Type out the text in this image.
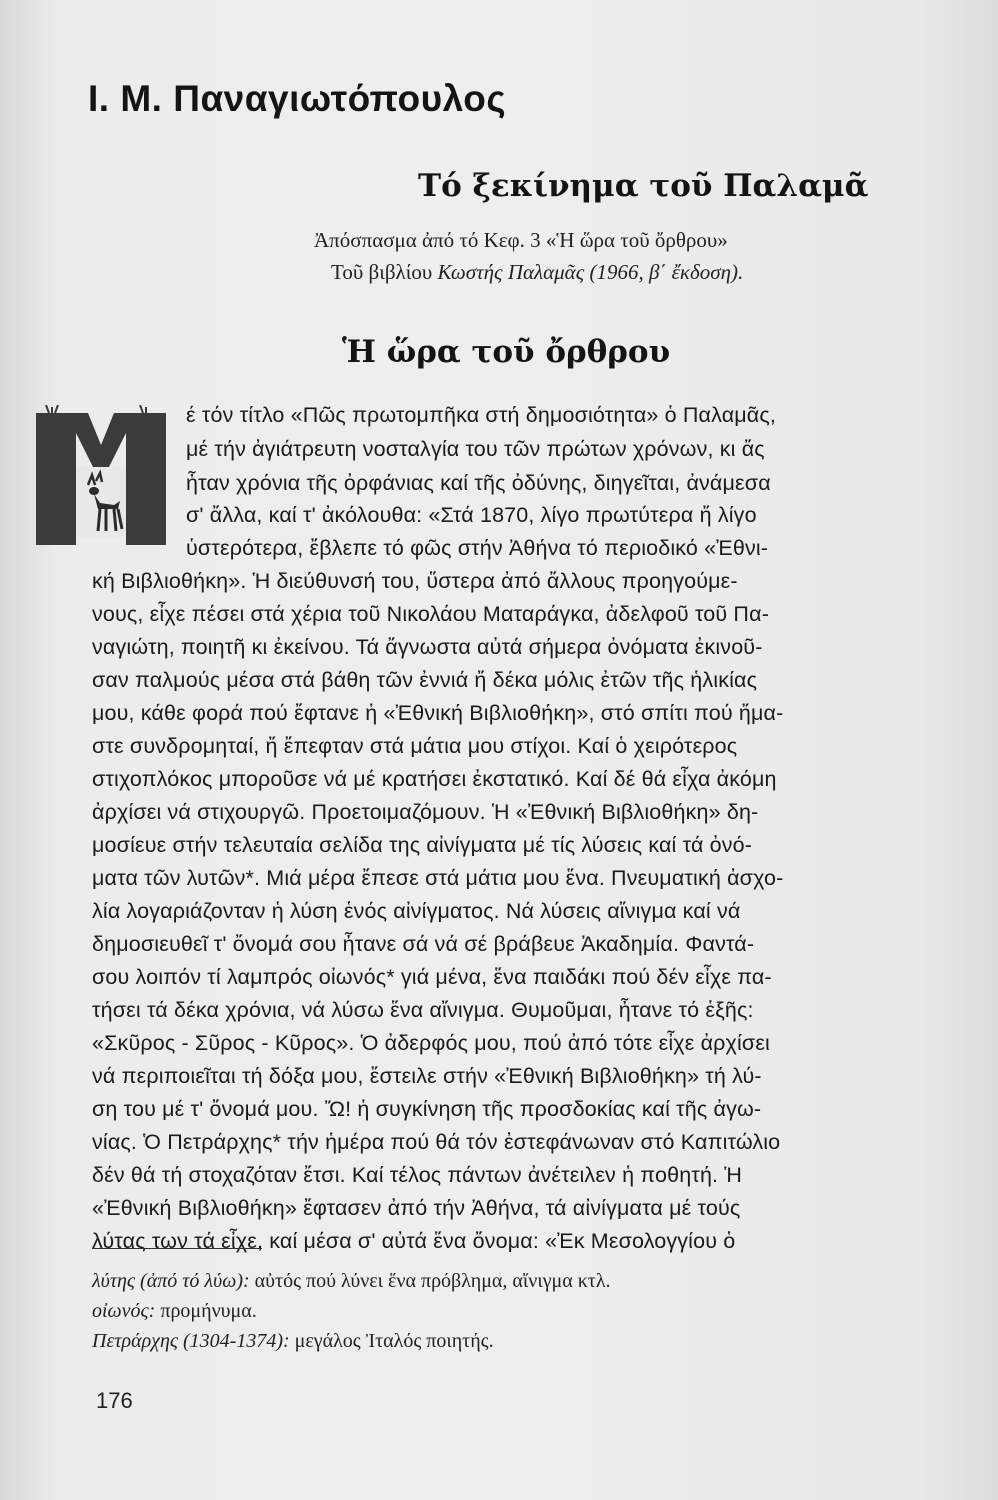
Ι. Μ. Παναγιωτόπουλος
Τό ξεκίνημα τοῦ Παλαμᾶ
Ἀπόσπασμα ἀπό τό Κεφ. 3 «Ἡ ὥρα τοῦ ὄρθρου»
Τοῦ βιβλίου Κωστής Παλαμᾶς (1966, β΄ ἔκδοση).
Ἡ ὥρα τοῦ ὄρθρου
έ τόν τίτλο «Πῶς πρωτομπῆκα στή δημοσιότητα» ὁ Παλαμᾶς,
μέ τήν ἀγιάτρευτη νοσταλγία του τῶν πρώτων χρόνων, κι ἄς
ἦταν χρόνια τῆς ὀρφάνιας καί τῆς ὀδύνης, διηγεῖται, ἀνάμεσα
σ' ἄλλα, καί τ' ἀκόλουθα: «Στά 1870, λίγο πρωτύτερα ἤ λίγο
ὑστερότερα, ἔβλεπε τό φῶς στήν Ἀθήνα τό περιοδικό «Ἐθνι-
κή Βιβλιοθήκη». Ἡ διεύθυνσή του, ὕστερα ἀπό ἄλλους προηγούμε-
νους, εἶχε πέσει στά χέρια τοῦ Νικολάου Ματαράγκα, ἀδελφοῦ τοῦ Πα-
ναγιώτη, ποιητῆ κι ἐκείνου. Τά ἄγνωστα αὐτά σήμερα ὀνόματα ἐκινοῦ-
σαν παλμούς μέσα στά βάθη τῶν ἐννιά ἤ δέκα μόλις ἐτῶν τῆς ἡλικίας
μου, κάθε φορά πού ἔφτανε ἡ «Ἐθνική Βιβλιοθήκη», στό σπίτι πού ἤμα-
στε συνδρομηταί, ἤ ἔπεφταν στά μάτια μου στίχοι. Καί ὁ χειρότερος
στιχοπλόκος μποροῦσε νά μέ κρατήσει ἐκστατικό. Καί δέ θά εἶχα ἀκόμη
ἀρχίσει νά στιχουργῶ. Προετοιμαζόμουν. Ἡ «Ἐθνική Βιβλιοθήκη» δη-
μοσίευε στήν τελευταία σελίδα της αἰνίγματα μέ τίς λύσεις καί τά ὀνό-
ματα τῶν λυτῶν*. Μιά μέρα ἔπεσε στά μάτια μου ἕνα. Πνευματική ἀσχο-
λία λογαριάζονταν ἡ λύση ἑνός αἰνίγματος. Νά λύσεις αἴνιγμα καί νά
δημοσιευθεῖ τ' ὄνομά σου ἦτανε σά νά σέ βράβευε Ἀκαδημία. Φαντά-
σου λοιπόν τί λαμπρός οἰωνός* γιά μένα, ἕνα παιδάκι πού δέν εἶχε πα-
τήσει τά δέκα χρόνια, νά λύσω ἕνα αἴνιγμα. Θυμοῦμαι, ἦτανε τό ἑξῆς:
«Σκῦρος - Σῦρος - Κῦρος». Ὁ ἀδερφός μου, πού ἀπό τότε εἶχε ἀρχίσει
νά περιποιεῖται τή δόξα μου, ἔστειλε στήν «Ἐθνική Βιβλιοθήκη» τή λύ-
ση του μέ τ' ὄνομά μου. Ὤ! ἡ συγκίνηση τῆς προσδοκίας καί τῆς ἀγω-
νίας. Ὁ Πετράρχης* τήν ἡμέρα πού θά τόν ἐστεφάνωναν στό Καπιτώλιο
δέν θά τή στοχαζόταν ἔτσι. Καί τέλος πάντων ἀνέτειλεν ἡ ποθητή. Ἡ
«Ἐθνική Βιβλιοθήκη» ἔφτασεν ἀπό τήν Ἀθήνα, τά αἰνίγματα μέ τούς
λύτας των τά εἶχε, καί μέσα σ' αὐτά ἕνα ὄνομα: «Ἐκ Μεσολογγίου ὁ
λύτης (ἀπό τό λύω): αὐτός πού λύνει ἕνα πρόβλημα, αἴνιγμα κτλ.
οἰωνός: προμήνυμα.
Πετράρχης (1304-1374): μεγάλος Ἰταλός ποιητής.
176
